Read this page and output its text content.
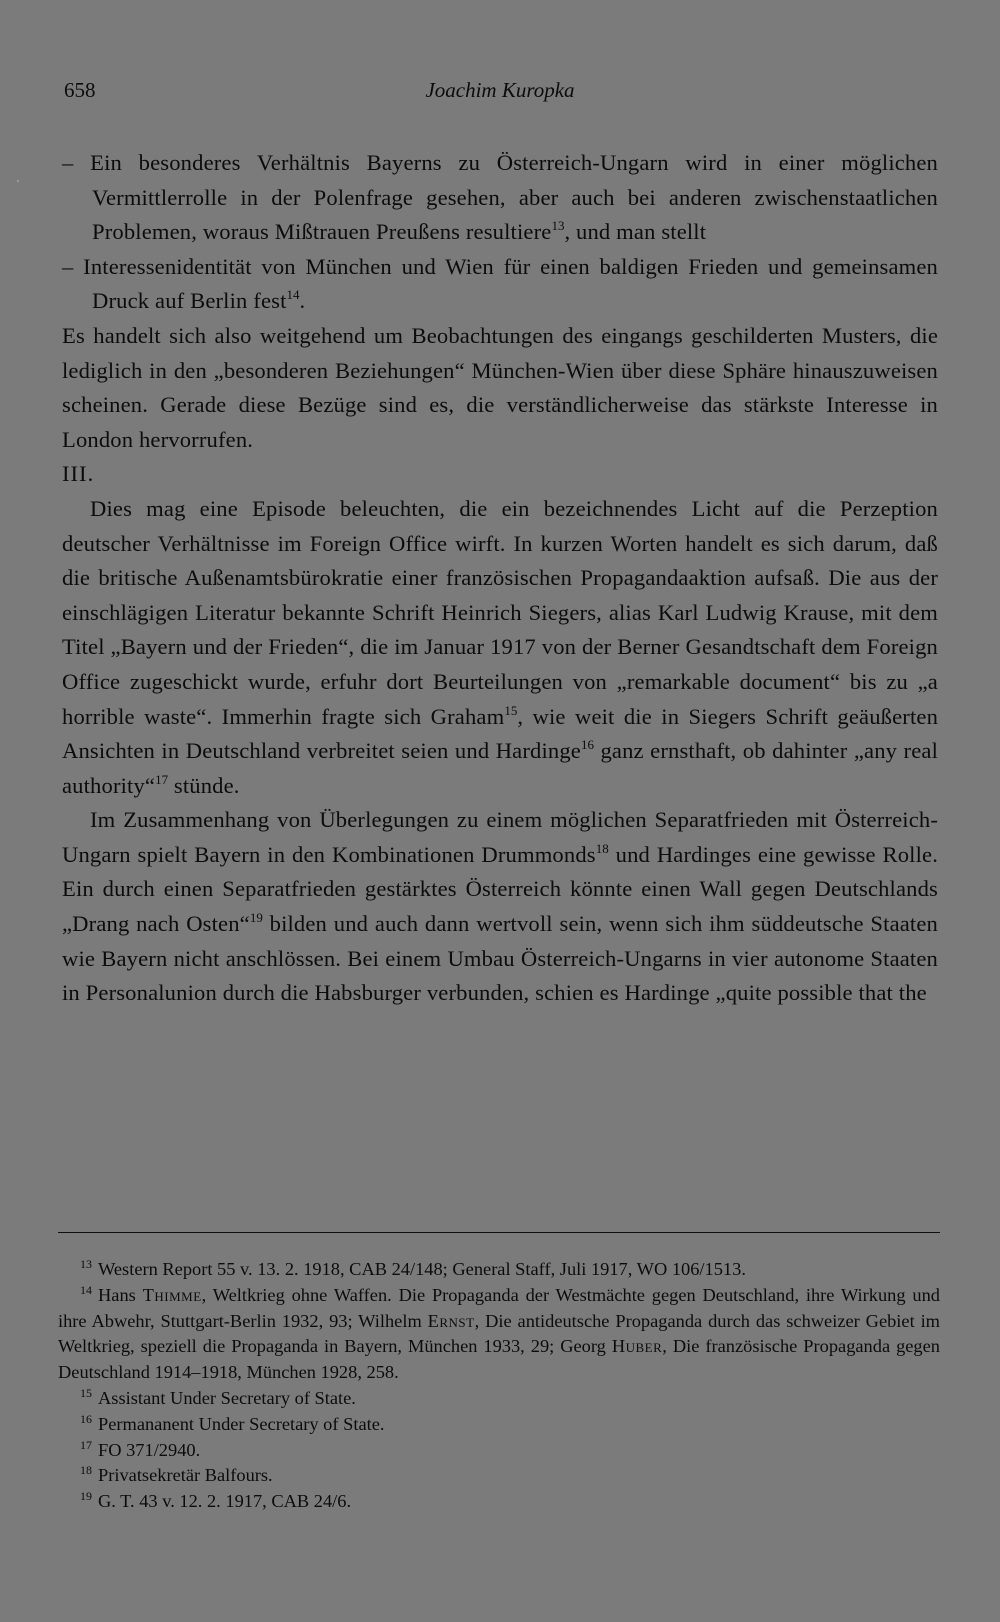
658	Joachim Kuropka

– Ein besonderes Verhältnis Bayerns zu Österreich-Ungarn wird in einer möglichen Vermittlerrolle in der Polenfrage gesehen, aber auch bei anderen zwischenstaatlichen Problemen, woraus Mißtrauen Preußens resultiere$^{13}$, und man stellt

– Interessenidentität von München und Wien für einen baldigen Frieden und gemeinsamen Druck auf Berlin fest$^{14}$.

Es handelt sich also weitgehend um Beobachtungen des eingangs geschilderten Musters, die lediglich in den „besonderen Beziehungen“ München-Wien über diese Sphäre hinauszuweisen scheinen. Gerade diese Bezüge sind es, die verständlicherweise das stärkste Interesse in London hervorrufen.

III.

Dies mag eine Episode beleuchten, die ein bezeichnendes Licht auf die Perzeption deutscher Verhältnisse im Foreign Office wirft. In kurzen Worten handelt es sich darum, daß die britische Außenamtsbürokratie einer französischen Propagandaaktion aufsaß. Die aus der einschlägigen Literatur bekannte Schrift Heinrich Siegers, alias Karl Ludwig Krause, mit dem Titel „Bayern und der Frieden“, die im Januar 1917 von der Berner Gesandtschaft dem Foreign Office zugeschickt wurde, erfuhr dort Beurteilungen von „remarkable document“ bis zu „a horrible waste“. Immerhin fragte sich Graham$^{15}$, wie weit die in Siegers Schrift geäußerten Ansichten in Deutschland verbreitet seien und Hardinge$^{16}$ ganz ernsthaft, ob dahinter „any real authority“$^{17}$ stünde.

Im Zusammenhang von Überlegungen zu einem möglichen Separatfrieden mit Österreich-Ungarn spielt Bayern in den Kombinationen Drummonds$^{18}$ und Hardinges eine gewisse Rolle. Ein durch einen Separatfrieden gestärktes Österreich könnte einen Wall gegen Deutschlands „Drang nach Osten“$^{19}$ bilden und auch dann wertvoll sein, wenn sich ihm süddeutsche Staaten wie Bayern nicht anschlössen. Bei einem Umbau Österreich-Ungarns in vier autonome Staaten in Personalunion durch die Habsburger verbunden, schien es Hardinge „quite possible that the

$^{13}$ Western Report 55 v. 13. 2. 1918, CAB 24/148; General Staff, Juli 1917, WO 106/1513.

$^{14}$ Hans Thimme, Weltkrieg ohne Waffen. Die Propaganda der Westmächte gegen Deutschland, ihre Wirkung und ihre Abwehr, Stuttgart-Berlin 1932, 93; Wilhelm Ernst, Die antideutsche Propaganda durch das schweizer Gebiet im Weltkrieg, speziell die Propaganda in Bayern, München 1933, 29; Georg Huber, Die französische Propaganda gegen Deutschland 1914–1918, München 1928, 258.

$^{15}$ Assistant Under Secretary of State.

$^{16}$ Permananent Under Secretary of State.

$^{17}$ FO 371/2940.

$^{18}$ Privatsekretär Balfours.

$^{19}$ G. T. 43 v. 12. 2. 1917, CAB 24/6.
